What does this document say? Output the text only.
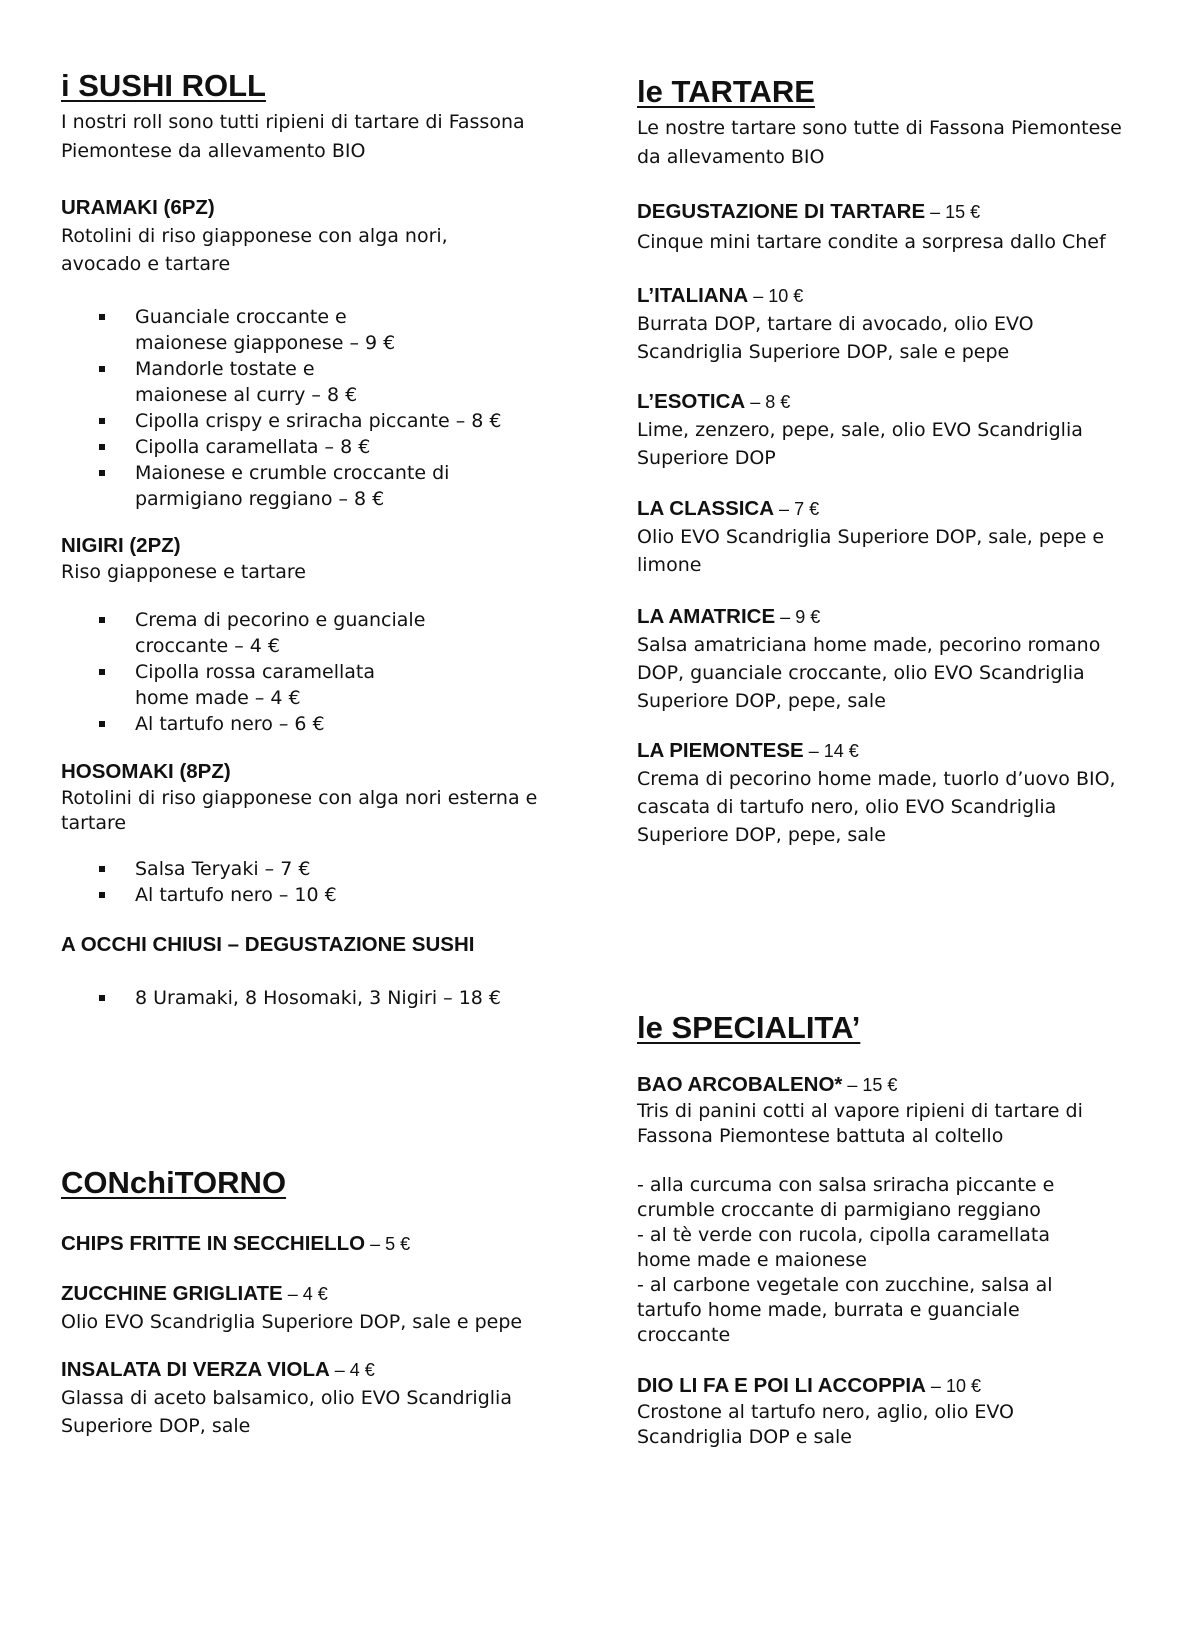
i SUSHI ROLL

I nostri roll sono tutti ripieni di tartare di Fassona Piemontese da allevamento BIO

URAMAKI (6PZ)

Rotolini di riso giapponese con alga nori, avocado e tartare

Guanciale croccante e maionese giapponese – 9 €
Mandorle tostate e maionese al curry – 8 €
Cipolla crispy e sriracha piccante – 8 €
Cipolla caramellata – 8 €
Maionese e crumble croccante di parmigiano reggiano – 8 €

NIGIRI (2PZ)

Riso giapponese e tartare

Crema di pecorino e guanciale croccante – 4 €
Cipolla rossa caramellata home made – 4 €
Al tartufo nero – 6 €

HOSOMAKI (8PZ)

Rotolini di riso giapponese con alga nori esterna e tartare

Salsa Teryaki – 7 €
Al tartufo nero – 10 €

A OCCHI CHIUSI – DEGUSTAZIONE SUSHI

8 Uramaki, 8 Hosomaki, 3 Nigiri – 18 €
CONchiTORNO

CHIPS FRITTE IN SECCHIELLO – 5 €

ZUCCHINE GRIGLIATE – 4 €

Olio EVO Scandriglia Superiore DOP, sale e pepe

INSALATA DI VERZA VIOLA – 4 €

Glassa di aceto balsamico, olio EVO Scandriglia Superiore DOP, sale

le TARTARE

Le nostre tartare sono tutte di Fassona Piemontese da allevamento BIO

DEGUSTAZIONE DI TARTARE – 15 €

Cinque mini tartare condite a sorpresa dallo Chef

L’ITALIANA – 10 €

Burrata DOP, tartare di avocado, olio EVO Scandriglia Superiore DOP, sale e pepe

L’ESOTICA – 8 €

Lime, zenzero, pepe, sale, olio EVO Scandriglia Superiore DOP

LA CLASSICA – 7 €

Olio EVO Scandriglia Superiore DOP, sale, pepe e limone

LA AMATRICE – 9 €

Salsa amatriciana home made, pecorino romano DOP, guanciale croccante, olio EVO Scandriglia Superiore DOP, pepe, sale

LA PIEMONTESE – 14 €

Crema di pecorino home made, tuorlo d’uovo BIO, cascata di tartufo nero, olio EVO Scandriglia Superiore DOP, pepe, sale

le SPECIALITA’

BAO ARCOBALENO* – 15 €

Tris di panini cotti al vapore ripieni di tartare di Fassona Piemontese battuta al coltello

- alla curcuma con salsa sriracha piccante e crumble croccante di parmigiano reggiano

- al tè verde con rucola, cipolla caramellata home made e maionese

- al carbone vegetale con zucchine, salsa al tartufo home made, burrata e guanciale croccante

DIO LI FA E POI LI ACCOPPIA – 10 €

Crostone al tartufo nero, aglio, olio EVO Scandriglia DOP e sale
